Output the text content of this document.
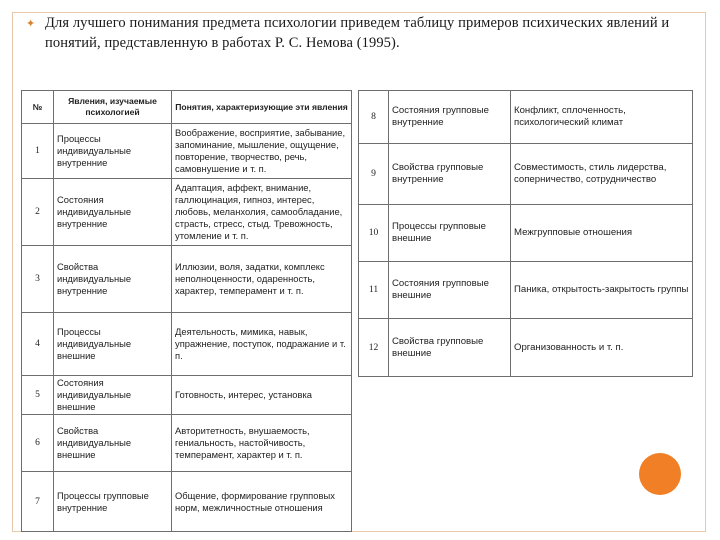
✦ Для лучшего понимания предмета психологии приведем таблицу примеров психических явлений и понятий, представленную в работах Р. С. Немова (1995).
№	Явления, изучаемые психологией	Понятия, характеризующие эти явления
1	Процессы индивидуальные внутренние	Воображение, восприятие, забывание, запоминание, мышление, ощущение, повторение, творчество, речь, самовнушение и т. п.
2	Состояния индивидуальные внутренние	Адаптация, аффект, внимание, галлюцинация, гипноз, интерес, любовь, меланхолия, самообладание, страсть, стресс, стыд. Тревожность, утомление и т. п.
3	Свойства индивидуальные внутренние	Иллюзии, воля, задатки, комплекс неполноценности, одаренность, характер, темперамент и т. п.
4	Процессы индивидуальные внешние	Деятельность, мимика, навык, упражнение, поступок, подражание и т. п.
5	Состояния индивидуальные внешние	Готовность, интерес, установка
6	Свойства индивидуальные внешние	Авторитетность, внушаемость, гениальность, настойчивость, темперамент, характер и т. п.
7	Процессы групповые внутренние	Общение, формирование групповых норм, межличностные отношения
8	Состояния групповые внутренние	Конфликт, сплоченность, психологический климат
9	Свойства групповые внутренние	Совместимость, стиль лидерства, соперничество, сотрудничество
10	Процессы групповые внешние	Межгрупповые отношения
11	Состояния групповые внешние	Паника, открытость-закрытость группы
12	Свойства групповые внешние	Организованность и т. п.
